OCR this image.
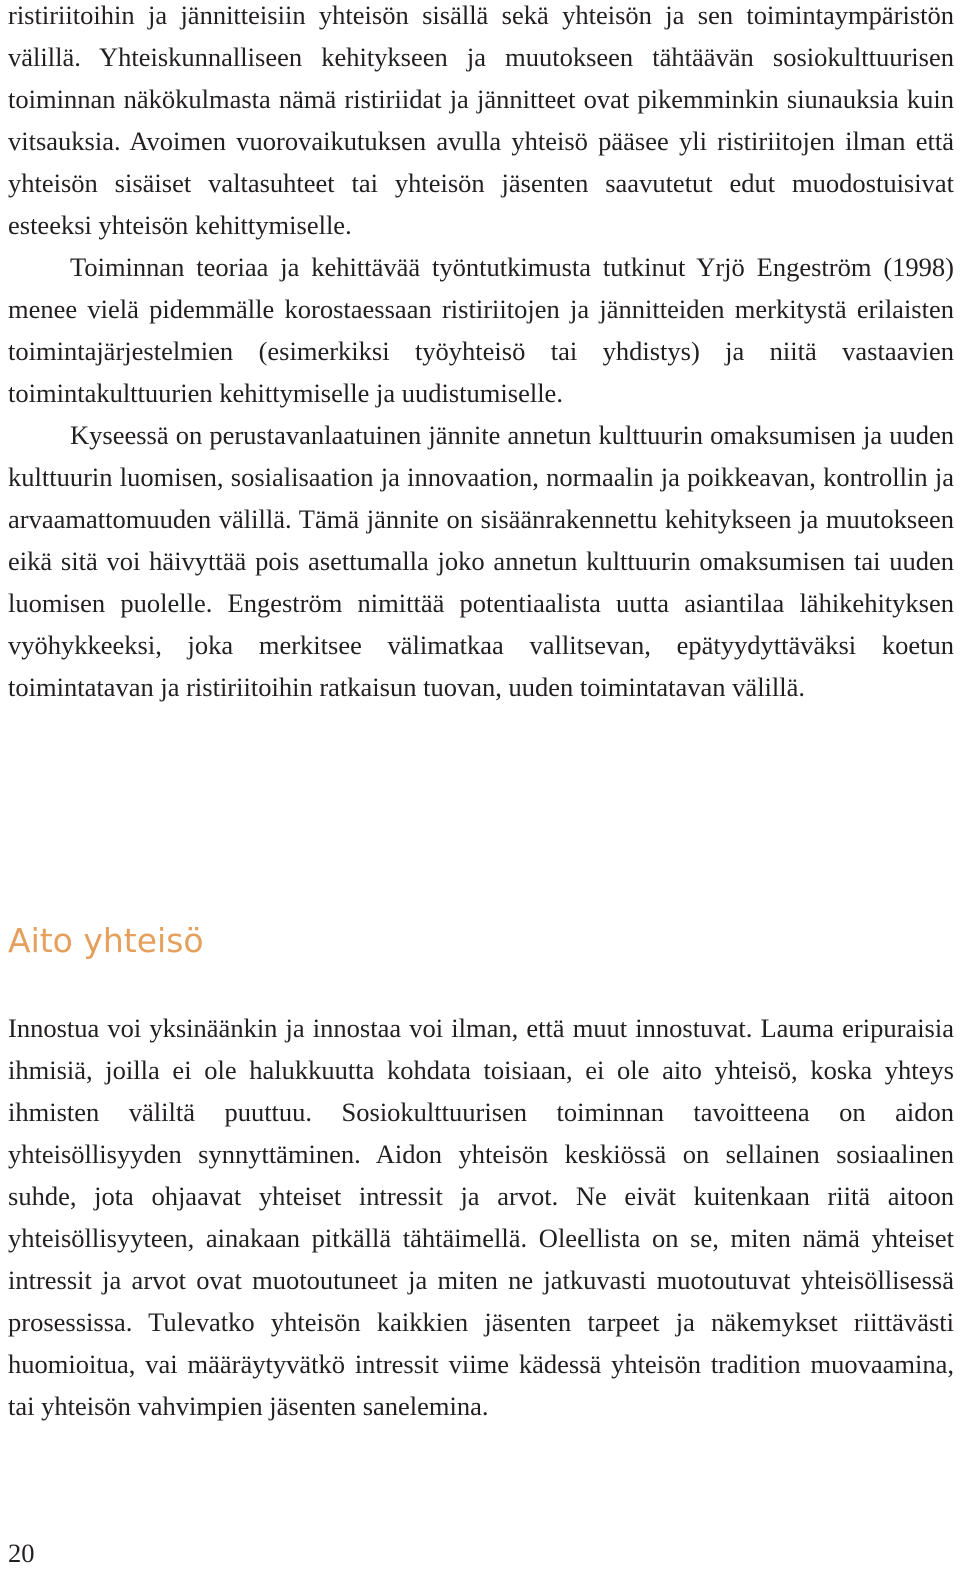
ristiriitoihin ja jännitteisiin yhteisön sisällä sekä yhteisön ja sen toimintaympäristön välillä. Yhteiskunnalliseen kehitykseen ja muutokseen tähtäävän sosiokulttuurisen toiminnan näkökulmasta nämä ristiriidat ja jännitteet ovat pikemminkin siunauksia kuin vitsauksia. Avoimen vuorovaikutuksen avulla yhteisö pääsee yli ristiriitojen ilman että yhteisön sisäiset valtasuhteet tai yhteisön jäsenten saavutetut edut muodostuisivat esteeksi yhteisön kehittymiselle.

Toiminnan teoriaa ja kehittävää työntutkimusta tutkinut Yrjö Engeström (1998) menee vielä pidemmälle korostaessaan ristiriitojen ja jännitteiden merkitystä erilaisten toimintajärjestelmien (esimerkiksi työyhteisö tai yhdistys) ja niitä vastaavien toimintakulttuurien kehittymiselle ja uudistumiselle.

Kyseessä on perustavanlaatuinen jännite annetun kulttuurin omaksumisen ja uuden kulttuurin luomisen, sosialisaation ja innovaation, normaalin ja poikkeavan, kontrollin ja arvaamattomuuden välillä. Tämä jännite on sisäänrakennettu kehitykseen ja muutokseen eikä sitä voi häivyttää pois asettumalla joko annetun kulttuurin omaksumisen tai uuden luomisen puolelle. Engeström nimittää potentiaalista uutta asiantilaa lähikehityksen vyöhykkeeksi, joka merkitsee välimatkaa vallitsevan, epätyydyttäväksi koetun toimintatavan ja ristiriitoihin ratkaisun tuovan, uuden toimintatavan välillä.

Aito yhteisö

Innostua voi yksinäänkin ja innostaa voi ilman, että muut innostuvat. Lauma eripuraisia ihmisiä, joilla ei ole halukkuutta kohdata toisiaan, ei ole aito yhteisö, koska yhteys ihmisten väliltä puuttuu. Sosiokulttuurisen toiminnan tavoitteena on aidon yhteisöllisyyden synnyttäminen. Aidon yhteisön keskiössä on sellainen sosiaalinen suhde, jota ohjaavat yhteiset intressit ja arvot. Ne eivät kuitenkaan riitä aitoon yhteisöllisyyteen, ainakaan pitkällä tähtäimellä. Oleellista on se, miten nämä yhteiset intressit ja arvot ovat muotoutuneet ja miten ne jatkuvasti muotoutuvat yhteisöllisessä prosessissa. Tulevatko yhteisön kaikkien jäsenten tarpeet ja näkemykset riittävästi huomioitua, vai määräytyvätkö intressit viime kädessä yhteisön tradition muovaamina, tai yhteisön vahvimpien jäsenten sanelemina.

20
